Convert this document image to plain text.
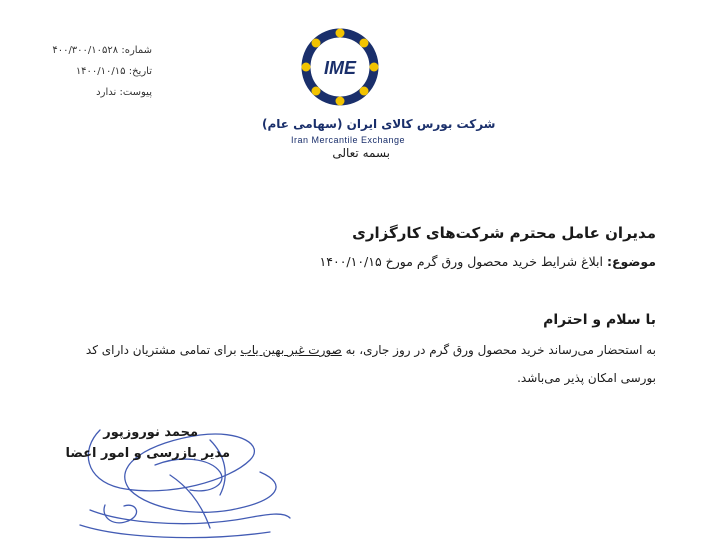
شماره: ۴۰۰/۳۰۰/۱۰۵۲۸
تاریخ: ۱۴۰۰/۱۰/۱۵
پیوست: ندارد
IME
شرکت بورس کالای ایران (سهامی عام)
Iran Mercantile Exchange
بسمه تعالی
مدیران عامل محترم شرکت‌های کارگزاری
موضوع: ابلاغ شرایط خرید محصول ورق گرم مورخ ۱۴۰۰/۱۰/۱۵
با سلام و احترام
به استحضار می‌رساند خرید محصول ورق گرم در روز جاری، به صورت غیر بهین یاب برای تمامی مشتریان دارای کد
بورسی امکان پذیر می‌باشد.
محمد نوروزپور
مدیر بازرسی و امور اعضا
